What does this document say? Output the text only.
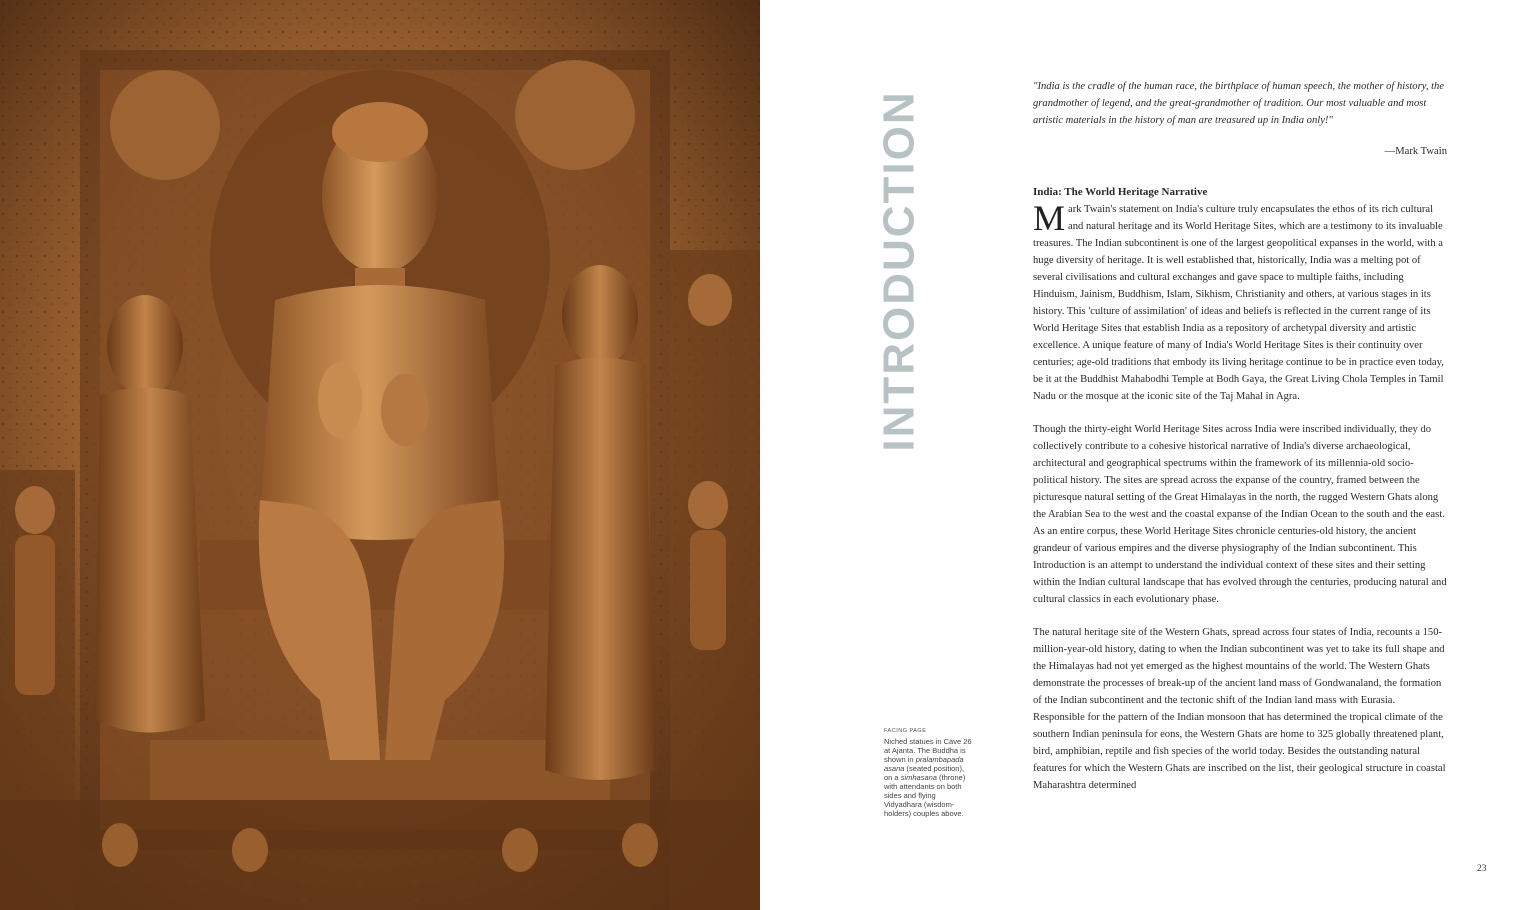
INTRODUCTION
FACING PAGE
Niched statues in Cave 26 at Ajanta. The Buddha is shown in pralambapada asana (seated position), on a simhasana (throne) with attendants on both sides and flying Vidyadhara (wisdom-holders) couples above.

"India is the cradle of the human race, the birthplace of human speech, the mother of history, the grandmother of legend, and the great-grandmother of tradition. Our most valuable and most artistic materials in the history of man are treasured up in India only!"

—Mark Twain

India: The World Heritage Narrative

Mark Twain's statement on India's culture truly encapsulates the ethos of its rich cultural and natural heritage and its World Heritage Sites, which are a testimony to its invaluable treasures. The Indian subcontinent is one of the largest geopolitical expanses in the world, with a huge diversity of heritage. It is well established that, historically, India was a melting pot of several civilisations and cultural exchanges and gave space to multiple faiths, including Hinduism, Jainism, Buddhism, Islam, Sikhism, Christianity and others, at various stages in its history. This 'culture of assimilation' of ideas and beliefs is reflected in the current range of its World Heritage Sites that establish India as a repository of archetypal diversity and artistic excellence. A unique feature of many of India's World Heritage Sites is their continuity over centuries; age-old traditions that embody its living heritage continue to be in practice even today, be it at the Buddhist Mahabodhi Temple at Bodh Gaya, the Great Living Chola Temples in Tamil Nadu or the mosque at the iconic site of the Taj Mahal in Agra.

Though the thirty-eight World Heritage Sites across India were inscribed individually, they do collectively contribute to a cohesive historical narrative of India's diverse archaeological, architectural and geographical spectrums within the framework of its millennia-old socio-political history. The sites are spread across the expanse of the country, framed between the picturesque natural setting of the Great Himalayas in the north, the rugged Western Ghats along the Arabian Sea to the west and the coastal expanse of the Indian Ocean to the south and the east. As an entire corpus, these World Heritage Sites chronicle centuries-old history, the ancient grandeur of various empires and the diverse physiography of the Indian subcontinent. This Introduction is an attempt to understand the individual context of these sites and their setting within the Indian cultural landscape that has evolved through the centuries, producing natural and cultural classics in each evolutionary phase.

The natural heritage site of the Western Ghats, spread across four states of India, recounts a 150-million-year-old history, dating to when the Indian subcontinent was yet to take its full shape and the Himalayas had not yet emerged as the highest mountains of the world. The Western Ghats demonstrate the processes of break-up of the ancient land mass of Gondwanaland, the formation of the Indian subcontinent and the tectonic shift of the Indian land mass with Eurasia. Responsible for the pattern of the Indian monsoon that has determined the tropical climate of the southern Indian peninsula for eons, the Western Ghats are home to 325 globally threatened plant, bird, amphibian, reptile and fish species of the world today. Besides the outstanding natural features for which the Western Ghats are inscribed on the list, their geological structure in coastal Maharashtra determined

23
